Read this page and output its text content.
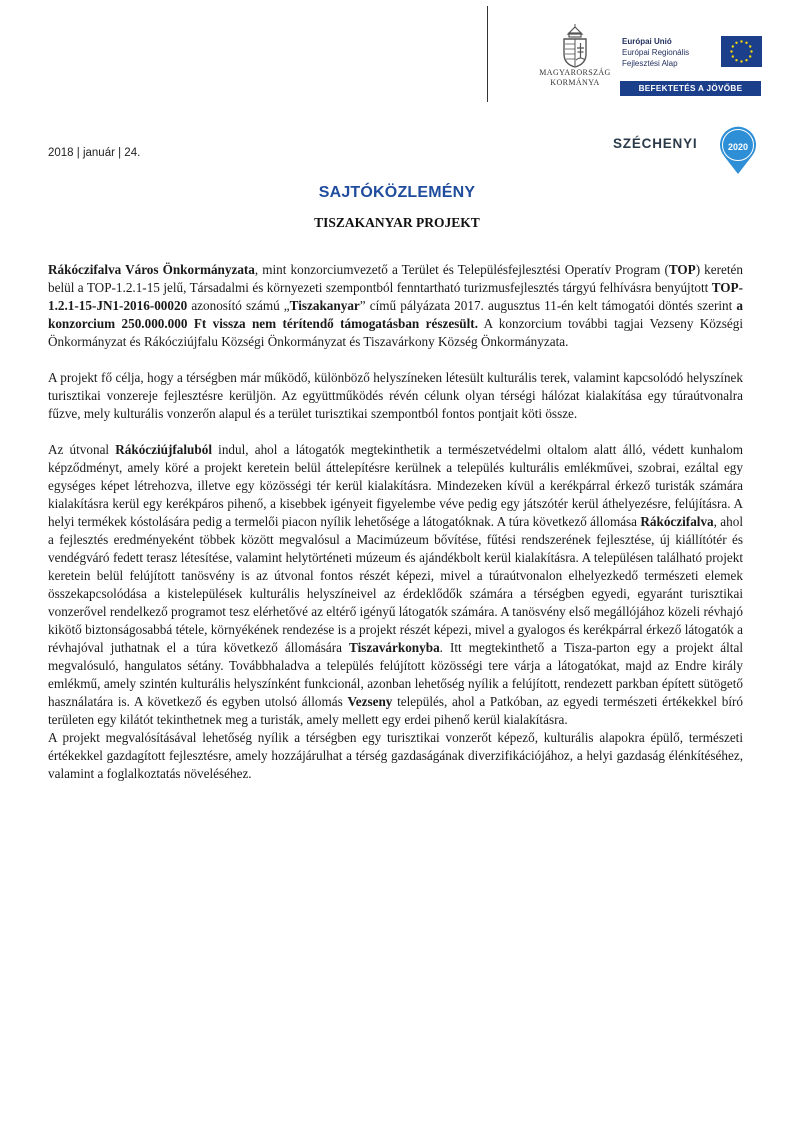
MAGYARORSZÁG
KORMÁNYA
Európai Unió
Európai Regionális
Fejlesztési Alap
BEFEKTETÉS A JÖVŐBE
2018 | január | 24.
SZÉCHENYI	2020
SAJTÓKÖZLEMÉNY
TISZAKANYAR PROJEKT

Rákóczifalva Város Önkormányzata, mint konzorciumvezető a Terület és Településfejlesztési Operatív Program (TOP) keretén belül a TOP-1.2.1-15 jelű, Társadalmi és környezeti szempontból fenntartható turizmusfejlesztés tárgyú felhívásra benyújtott TOP-1.2.1-15-JN1-2016-00020 azonosító számú „Tiszakanyar” című pályázata 2017. augusztus 11-én kelt támogatói döntés szerint a konzorcium 250.000.000 Ft vissza nem térítendő támogatásban részesült. A konzorcium további tagjai Vezseny Községi Önkormányzat és Rákócziújfalu Községi Önkormányzat és Tiszavárkony Község Önkormányzata.

A projekt fő célja, hogy a térségben már működő, különböző helyszíneken létesült kulturális terek, valamint kapcsolódó helyszínek turisztikai vonzereje fejlesztésre kerüljön. Az együttműködés révén célunk olyan térségi hálózat kialakítása egy túraútvonalra fűzve, mely kulturális vonzerőn alapul és a terület turisztikai szempontból fontos pontjait köti össze.

Az útvonal Rákócziújfaluból indul, ahol a látogatók megtekinthetik a természetvédelmi oltalom alatt álló, védett kunhalom képződményt, amely köré a projekt keretein belül áttelepítésre kerülnek a település kulturális emlékművei, szobrai, ezáltal egy egységes képet létrehozva, illetve egy közösségi tér kerül kialakításra. Mindezeken kívül a kerékpárral érkező turisták számára kialakításra kerül egy kerékpáros pihenő, a kisebbek igényeit figyelembe véve pedig egy játszótér kerül áthelyezésre, felújításra. A helyi termékek kóstolására pedig a termelői piacon nyílik lehetősége a látogatóknak. A túra következő állomása Rákóczifalva, ahol a fejlesztés eredményeként többek között megvalósul a Macimúzeum bővítése, fűtési rendszerének fejlesztése, új kiállítótér és vendégváró fedett terasz létesítése, valamint helytörténeti múzeum és ajándékbolt kerül kialakításra. A településen található projekt keretein belül felújított tanösvény is az útvonal fontos részét képezi, mivel a túraútvonalon elhelyezkedő természeti elemek összekapcsolódása a kistelepülések kulturális helyszíneivel az érdeklődők számára a térségben egyedi, egyaránt turisztikai vonzerővel rendelkező programot tesz elérhetővé az eltérő igényű látogatók számára. A tanösvény első megállójához közeli révhajó kikötő biztonságosabbá tétele, környékének rendezése is a projekt részét képezi, mivel a gyalogos és kerékpárral érkező látogatók a révhajóval juthatnak el a túra következő állomására Tiszavárkonyba. Itt megtekinthető a Tisza-parton egy a projekt által megvalósuló, hangulatos sétány. Továbbhaladva a település felújított közösségi tere várja a látogatókat, majd az Endre király emlékmű, amely szintén kulturális helyszínként funkcionál, azonban lehetőség nyílik a felújított, rendezett parkban épített sütögető használatára is. A következő és egyben utolsó állomás Vezseny település, ahol a Patkóban, az egyedi természeti értékekkel bíró területen egy kilátót tekinthetnek meg a turisták, amely mellett egy erdei pihenő kerül kialakításra.

A projekt megvalósításával lehetőség nyílik a térségben egy turisztikai vonzerőt képező, kulturális alapokra épülő, természeti értékekkel gazdagított fejlesztésre, amely hozzájárulhat a térség gazdaságának diverzifikációjához, a helyi gazdaság élénkítéséhez, valamint a foglalkoztatás növeléséhez.
